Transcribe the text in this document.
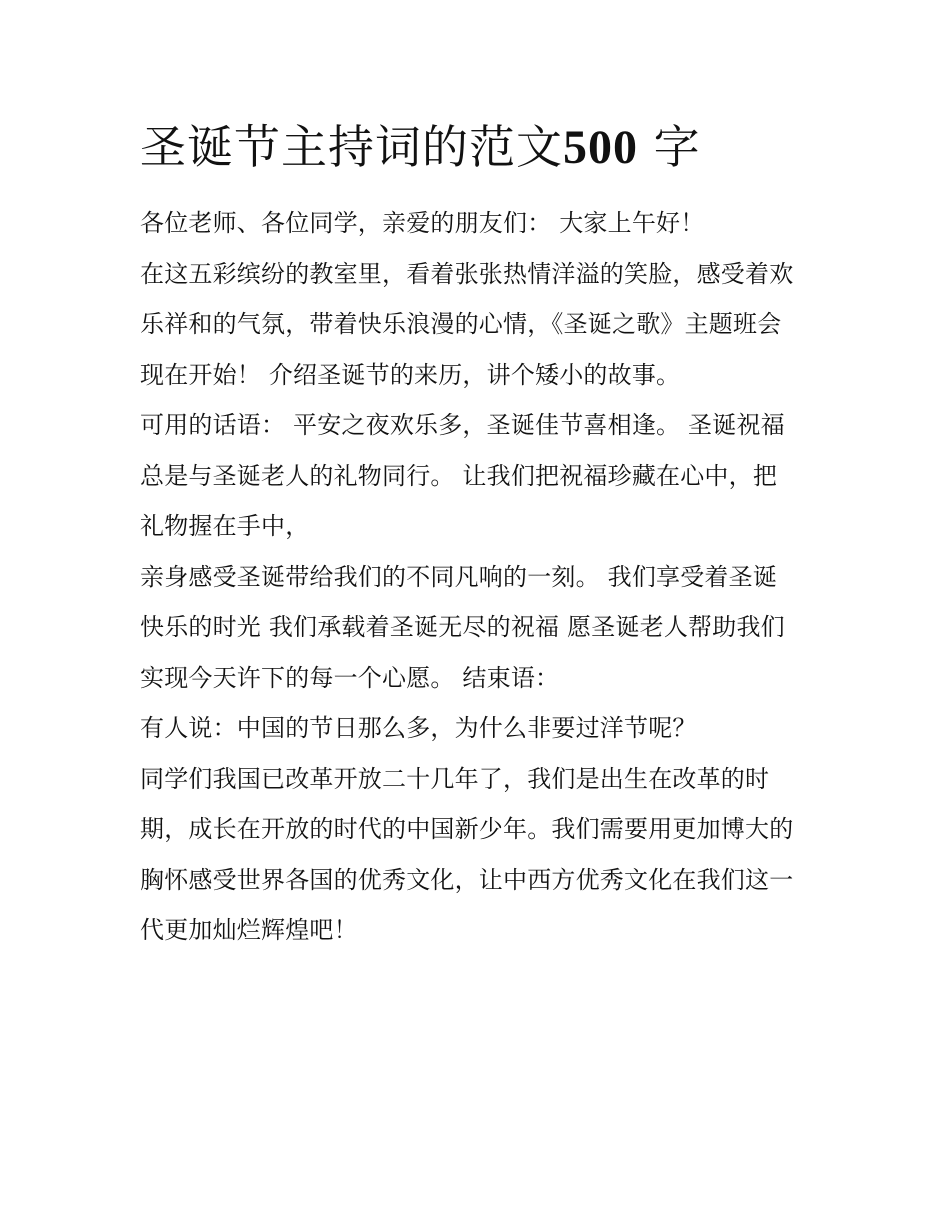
圣诞节主持词的范文500 字
各位老师、各位同学，亲爱的朋友们： 大家上午好！
在这五彩缤纷的教室里，看着张张热情洋溢的笑脸，感受着欢
乐祥和的气氛，带着快乐浪漫的心情，《圣诞之歌》主题班会
现在开始！ 介绍圣诞节的来历，讲个矮小的故事。
可用的话语： 平安之夜欢乐多，圣诞佳节喜相逢。 圣诞祝福
总是与圣诞老人的礼物同行。 让我们把祝福珍藏在心中，把
礼物握在手中，
亲身感受圣诞带给我们的不同凡响的一刻。 我们享受着圣诞
快乐的时光 我们承载着圣诞无尽的祝福 愿圣诞老人帮助我们
实现今天许下的每一个心愿。 结束语：
有人说：中国的节日那么多，为什么非要过洋节呢？
同学们我国已改革开放二十几年了，我们是出生在改革的时
期，成长在开放的时代的中国新少年。我们需要用更加博大的
胸怀感受世界各国的优秀文化，让中西方优秀文化在我们这一
代更加灿烂辉煌吧！
